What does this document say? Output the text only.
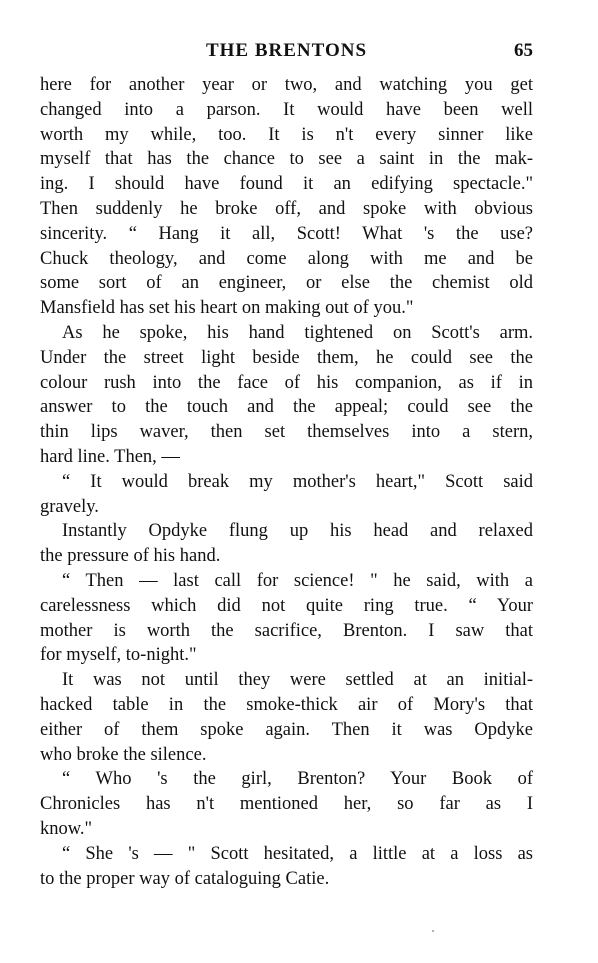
THE BRENTONS	65
here for another year or two, and watching you get
changed into a parson. It would have been well
worth my while, too. It is n't every sinner like
myself that has the chance to see a saint in the mak-
ing. I should have found it an edifying spectacle."
Then suddenly he broke off, and spoke with obvious
sincerity. “ Hang it all, Scott! What 's the use?
Chuck theology, and come along with me and be
some sort of an engineer, or else the chemist old
Mansfield has set his heart on making out of you."
As he spoke, his hand tightened on Scott's arm.
Under the street light beside them, he could see the
colour rush into the face of his companion, as if in
answer to the touch and the appeal; could see the
thin lips waver, then set themselves into a stern,
hard line. Then, —
“ It would break my mother's heart," Scott said
gravely.
Instantly Opdyke flung up his head and relaxed
the pressure of his hand.
“ Then — last call for science! " he said, with a
carelessness which did not quite ring true. “ Your
mother is worth the sacrifice, Brenton. I saw that
for myself, to-night."
It was not until they were settled at an initial-
hacked table in the smoke-thick air of Mory's that
either of them spoke again. Then it was Opdyke
who broke the silence.
“ Who 's the girl, Brenton? Your Book of
Chronicles has n't mentioned her, so far as I
know."
“ She 's — " Scott hesitated, a little at a loss as
to the proper way of cataloguing Catie.
